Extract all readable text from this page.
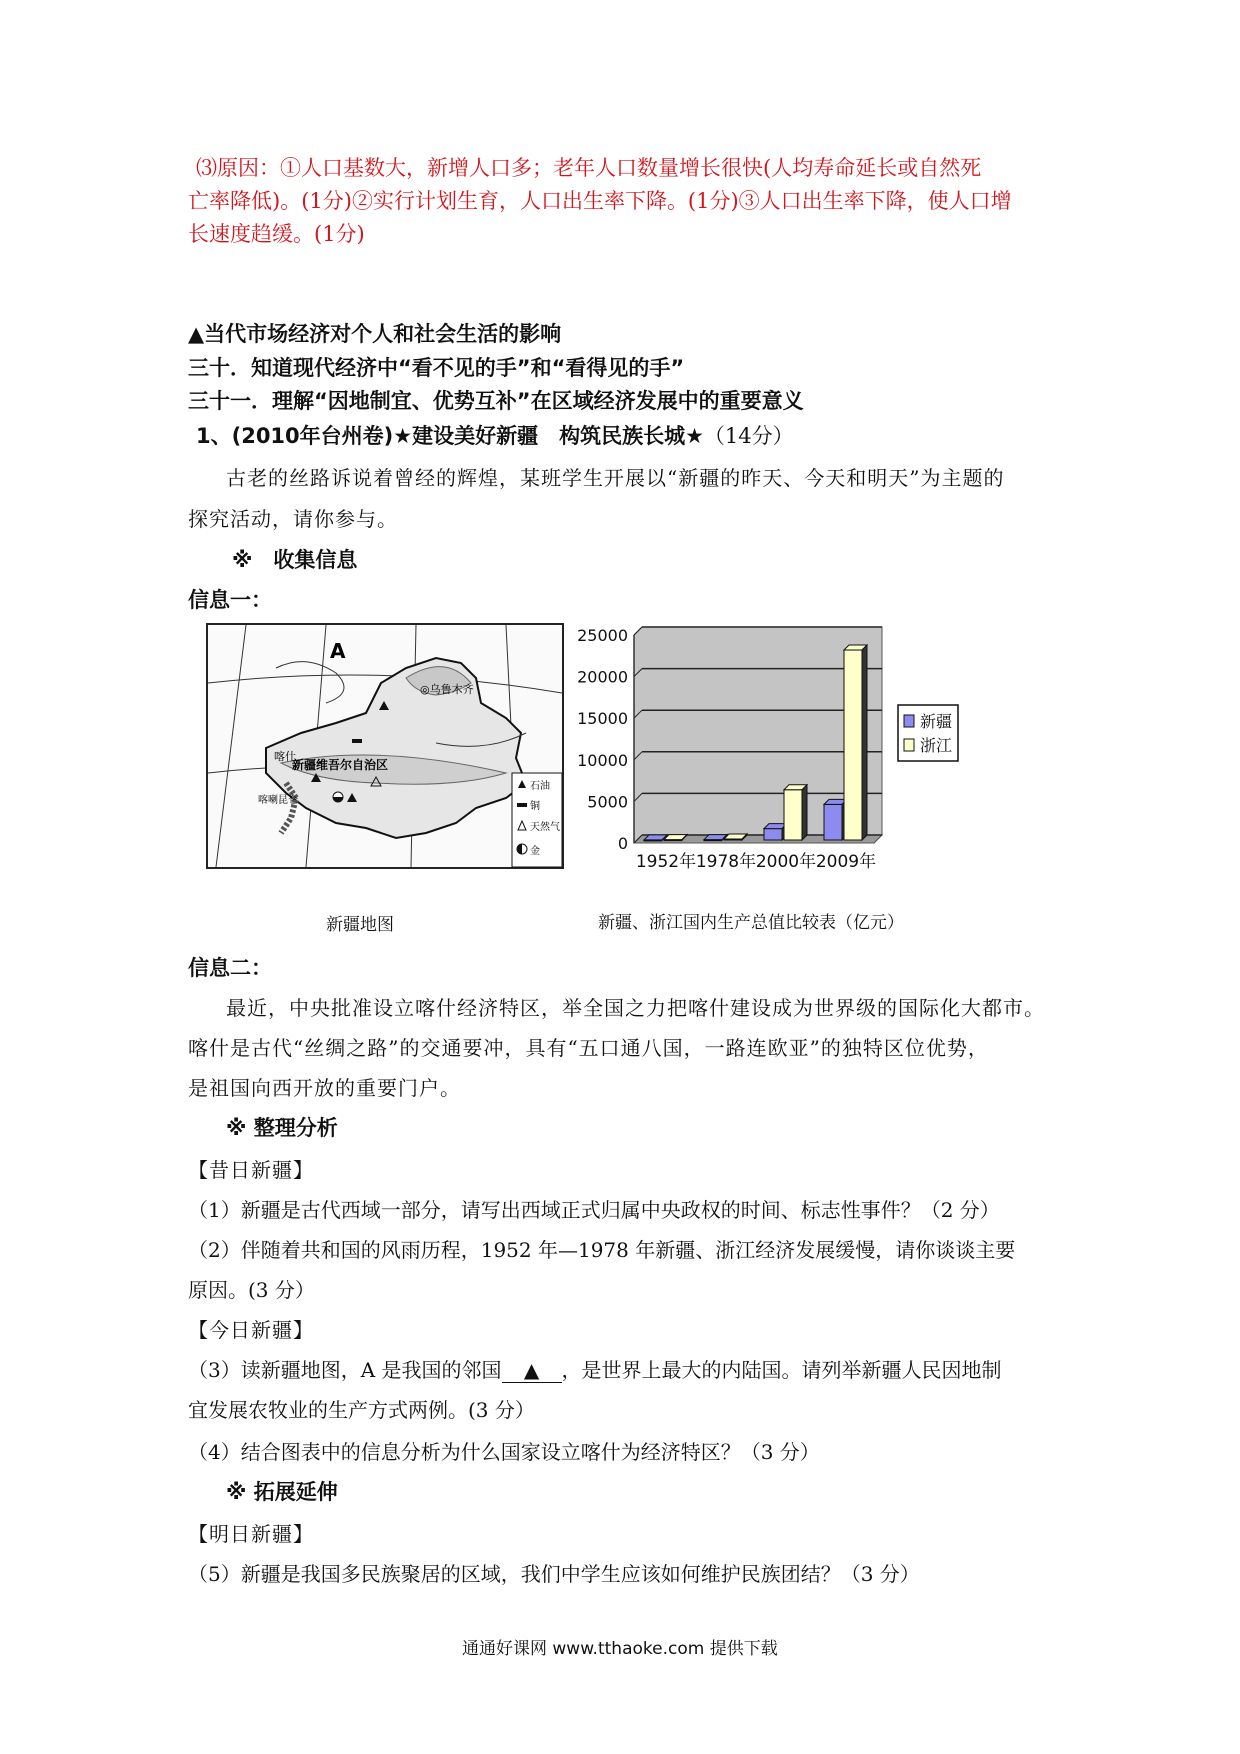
⑶原因：①人口基数大，新增人口多；老年人口数量增长很快(人均寿命延长或自然死
亡率降低)。(1分)②实行计划生育，人口出生率下降。(1分)③人口出生率下降，使人口增
长速度趋缓。(1分)
▲当代市场经济对个人和社会生活的影响
三十．知道现代经济中“看不见的手”和“看得见的手”
三十一．理解“因地制宜、优势互补”在区域经济发展中的重要意义
1、(2010年台州卷)★建设美好新疆　构筑民族长城★（14分）
古老的丝路诉说着曾经的辉煌，某班学生开展以“新疆的昨天、今天和明天”为主题的
探究活动，请你参与。
※　收集信息
信息一：
A
◎乌鲁木齐
新疆维吾尔自治区
喀什
喀喇昆仑
石油
铜
天然气
金	0
5000
10000
15000
20000
25000
1952年 1978年 2000年 2009年
新疆
浙江
新疆地图	新疆、浙江国内生产总值比较表（亿元）
信息二：
最近，中央批准设立喀什经济特区，举全国之力把喀什建设成为世界级的国际化大都市。
喀什是古代“丝绸之路”的交通要冲，具有“五口通八国，一路连欧亚”的独特区位优势，
是祖国向西开放的重要门户。
※ 整理分析
【昔日新疆】
（1）新疆是古代西域一部分，请写出西域正式归属中央政权的时间、标志性事件？（2 分）
（2）伴随着共和国的风雨历程，1952 年—1978 年新疆、浙江经济发展缓慢，请你谈谈主要
原因。(3 分）
【今日新疆】
（3）读新疆地图，A 是我国的邻国 ▲ ，是世界上最大的内陆国。请列举新疆人民因地制
宜发展农牧业的生产方式两例。(3 分）
（4）结合图表中的信息分析为什么国家设立喀什为经济特区？（3 分）
※ 拓展延伸
【明日新疆】
（5）新疆是我国多民族聚居的区域，我们中学生应该如何维护民族团结？（3 分）
通通好课网 www.tthaoke.com 提供下载
